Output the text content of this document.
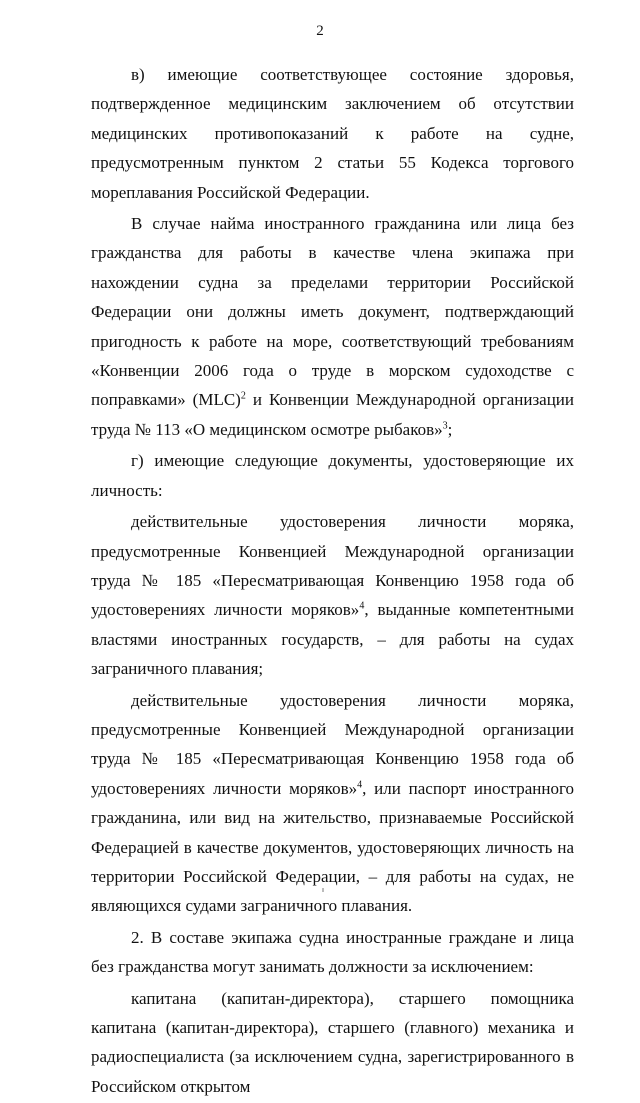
2

в) имеющие соответствующее состояние здоровья, подтвержденное медицинским заключением об отсутствии медицинских противопоказаний к работе на судне, предусмотренным пунктом 2 статьи 55 Кодекса торгового мореплавания Российской Федерации.

В случае найма иностранного гражданина или лица без гражданства для работы в качестве члена экипажа при нахождении судна за пределами территории Российской Федерации они должны иметь документ, подтверждающий пригодность к работе на море, соответствующий требованиям «Конвенции 2006 года о труде в морском судоходстве с поправками» (MLC)$^2$ и Конвенции Международной организации труда № 113 «О медицинском осмотре рыбаков»$^3$;

г) имеющие следующие документы, удостоверяющие их личность:

действительные удостоверения личности моряка, предусмотренные Конвенцией Международной организации труда № 185 «Пересматривающая Конвенцию 1958 года об удостоверениях личности моряков»$^4$, выданные компетентными властями иностранных государств, – для работы на судах заграничного плавания;

действительные удостоверения личности моряка, предусмотренные Конвенцией Международной организации труда № 185 «Пересматривающая Конвенцию 1958 года об удостоверениях личности моряков»$^4$, или паспорт иностранного гражданина, или вид на жительство, признаваемые Российской Федерацией в качестве документов, удостоверяющих личность на территории Российской Федерации, – для работы на судах, не являющихся судами заграничного плавания.

2. В составе экипажа судна иностранные граждане и лица без гражданства могут занимать должности за исключением:

капитана (капитан-директора), старшего помощника капитана (капитан-директора), старшего (главного) механика и радиоспециалиста (за исключением судна, зарегистрированного в Российском открытом
